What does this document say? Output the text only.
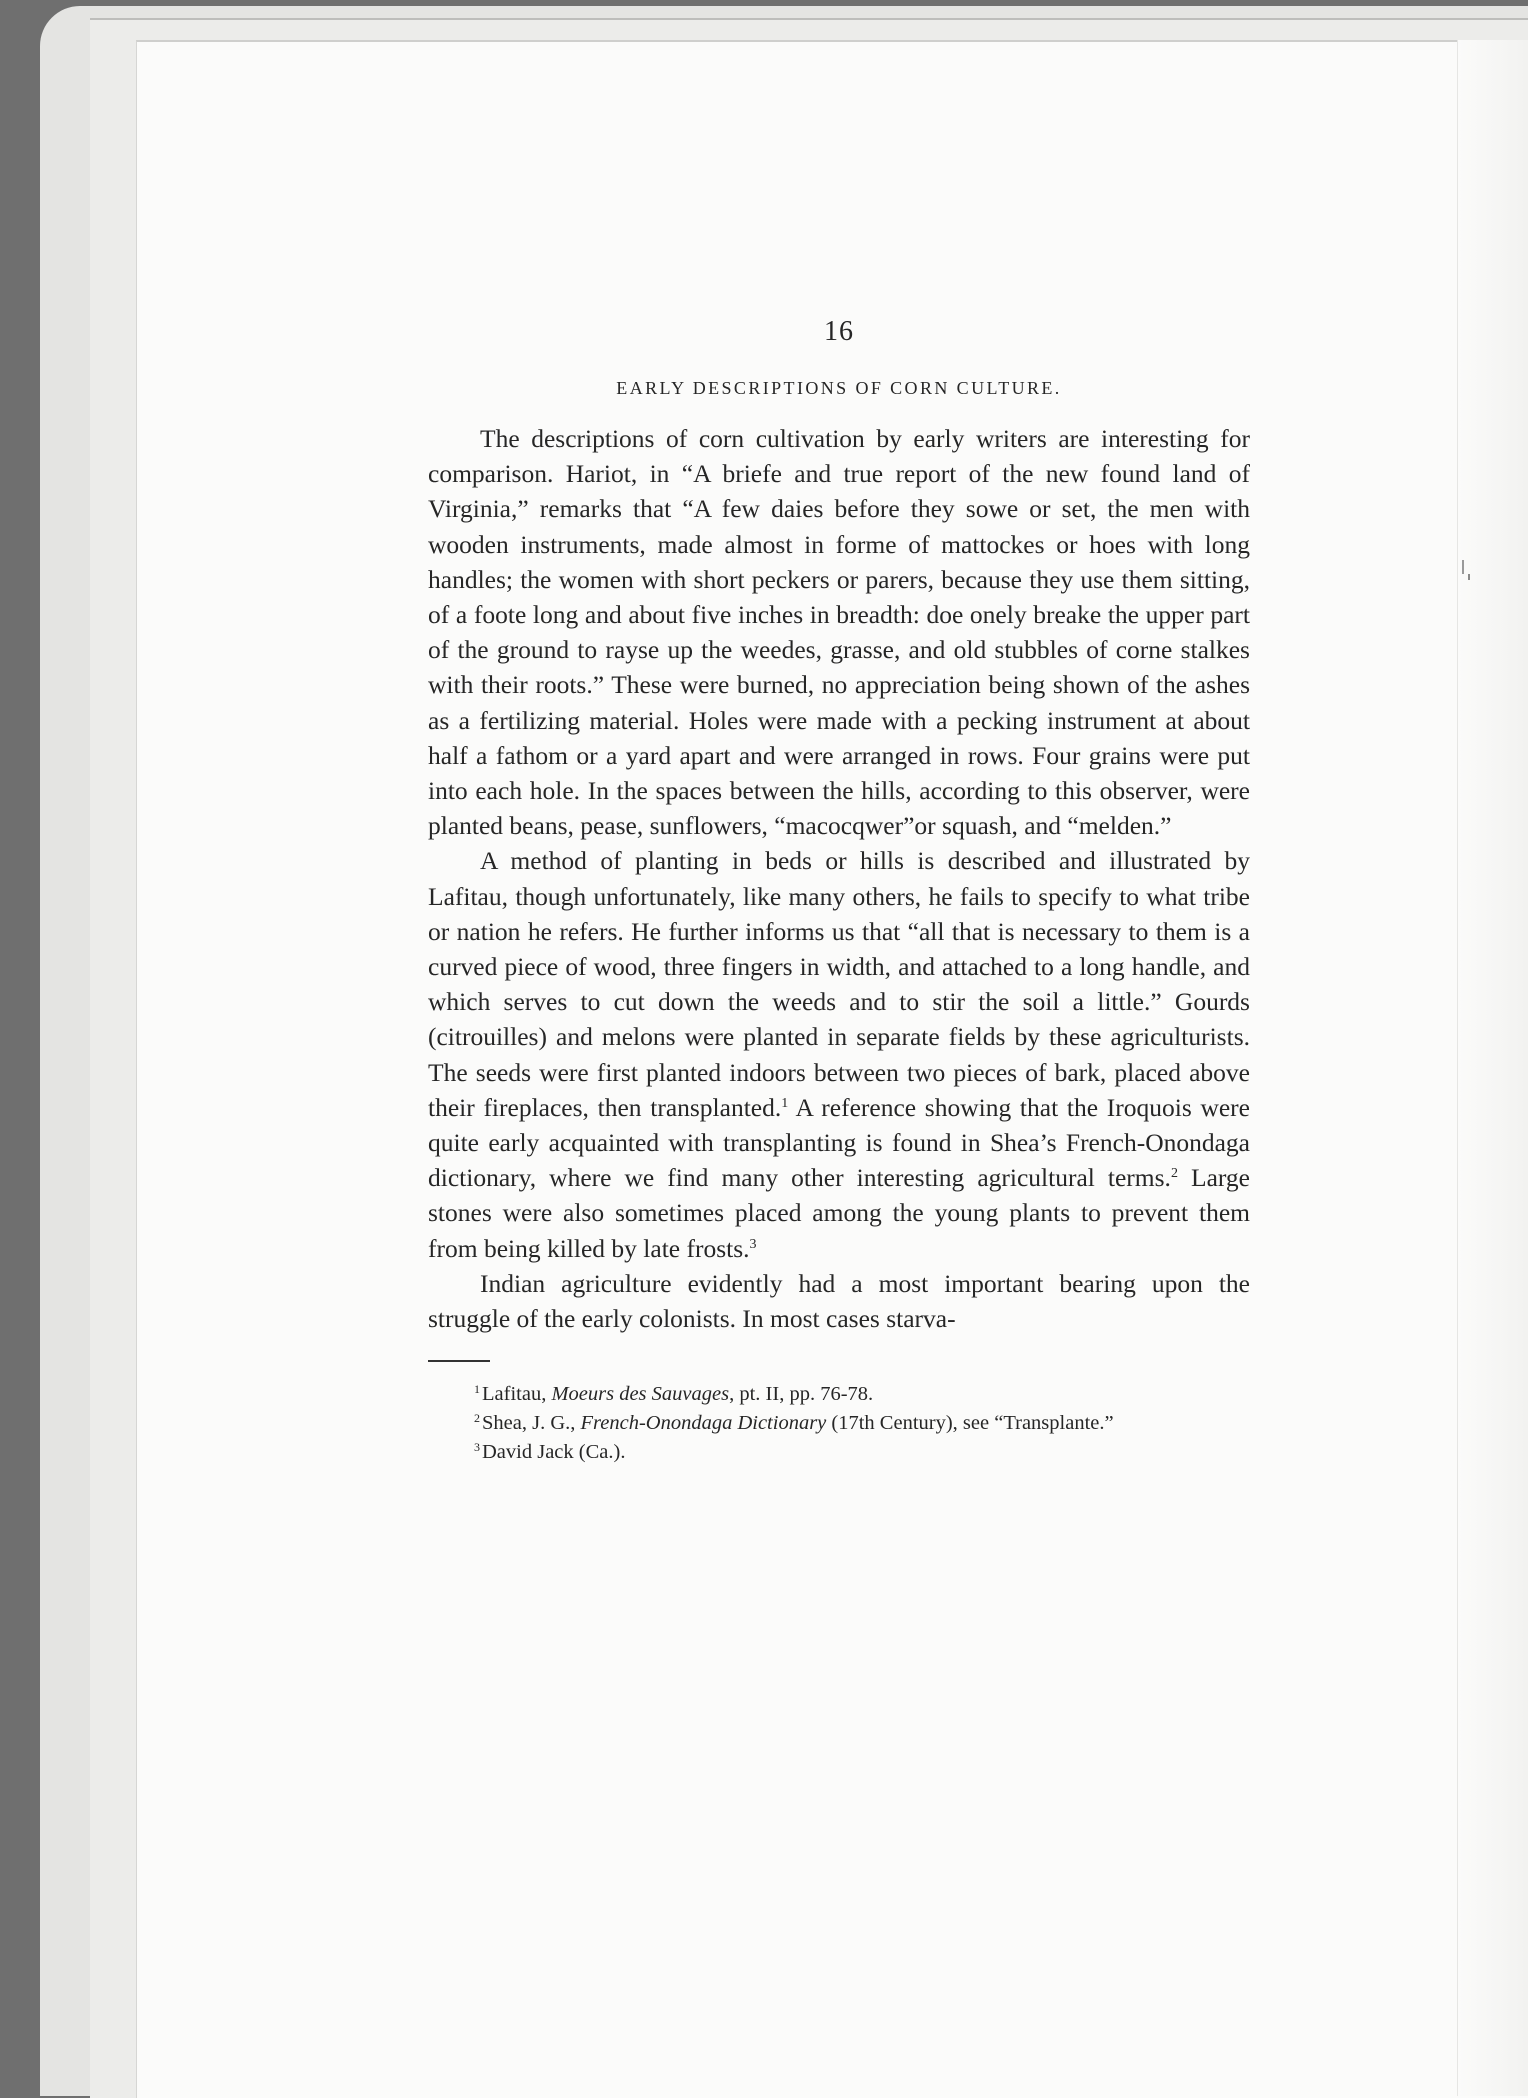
16
EARLY DESCRIPTIONS OF CORN CULTURE.

The descriptions of corn cultivation by early writers are interesting for comparison. Hariot, in “A briefe and true report of the new found land of Virginia,” remarks that “A few daies before they sowe or set, the men with wooden instruments, made almost in forme of mattockes or hoes with long handles; the women with short peckers or parers, because they use them sitting, of a foote long and about five inches in breadth: doe onely breake the upper part of the ground to rayse up the weedes, grasse, and old stubbles of corne stalkes with their roots.” These were burned, no appreciation being shown of the ashes as a fertilizing material. Holes were made with a pecking instrument at about half a fathom or a yard apart and were arranged in rows. Four grains were put into each hole. In the spaces between the hills, according to this observer, were planted beans, pease, sunflowers, “macocqwer”or squash, and “melden.”

A method of planting in beds or hills is described and illustrated by Lafitau, though unfortunately, like many others, he fails to specify to what tribe or nation he refers. He further informs us that “all that is necessary to them is a curved piece of wood, three fingers in width, and attached to a long handle, and which serves to cut down the weeds and to stir the soil a little.” Gourds (citrouilles) and melons were planted in separate fields by these agriculturists. The seeds were first planted indoors between two pieces of bark, placed above their fireplaces, then transplanted.$^1$ A reference showing that the Iroquois were quite early acquainted with transplanting is found in Shea’s French-Onondaga dictionary, where we find many other interesting agricultural terms.$^2$ Large stones were also sometimes placed among the young plants to prevent them from being killed by late frosts.$^3$

Indian agriculture evidently had a most important bearing upon the struggle of the early colonists. In most cases starva-

$^1$Lafitau, Moeurs des Sauvages, pt. II, pp. 76-78.

$^2$Shea, J. G., French-Onondaga Dictionary (17th Century), see “Transplante.”

$^3$David Jack (Ca.).
